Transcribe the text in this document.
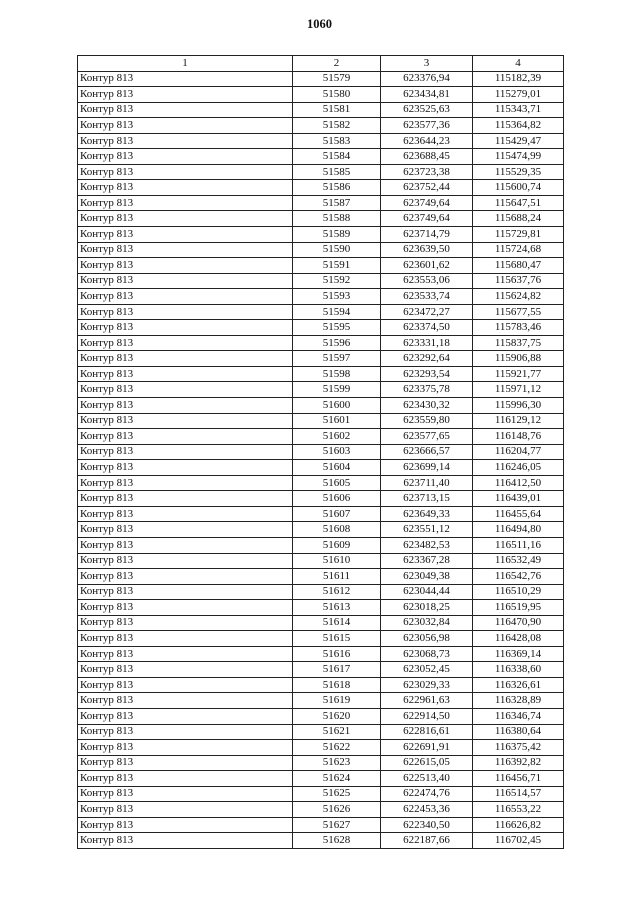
1060
1	2	3	4
Контур 813	51579	623376,94	115182,39
Контур 813	51580	623434,81	115279,01
Контур 813	51581	623525,63	115343,71
Контур 813	51582	623577,36	115364,82
Контур 813	51583	623644,23	115429,47
Контур 813	51584	623688,45	115474,99
Контур 813	51585	623723,38	115529,35
Контур 813	51586	623752,44	115600,74
Контур 813	51587	623749,64	115647,51
Контур 813	51588	623749,64	115688,24
Контур 813	51589	623714,79	115729,81
Контур 813	51590	623639,50	115724,68
Контур 813	51591	623601,62	115680,47
Контур 813	51592	623553,06	115637,76
Контур 813	51593	623533,74	115624,82
Контур 813	51594	623472,27	115677,55
Контур 813	51595	623374,50	115783,46
Контур 813	51596	623331,18	115837,75
Контур 813	51597	623292,64	115906,88
Контур 813	51598	623293,54	115921,77
Контур 813	51599	623375,78	115971,12
Контур 813	51600	623430,32	115996,30
Контур 813	51601	623559,80	116129,12
Контур 813	51602	623577,65	116148,76
Контур 813	51603	623666,57	116204,77
Контур 813	51604	623699,14	116246,05
Контур 813	51605	623711,40	116412,50
Контур 813	51606	623713,15	116439,01
Контур 813	51607	623649,33	116455,64
Контур 813	51608	623551,12	116494,80
Контур 813	51609	623482,53	116511,16
Контур 813	51610	623367,28	116532,49
Контур 813	51611	623049,38	116542,76
Контур 813	51612	623044,44	116510,29
Контур 813	51613	623018,25	116519,95
Контур 813	51614	623032,84	116470,90
Контур 813	51615	623056,98	116428,08
Контур 813	51616	623068,73	116369,14
Контур 813	51617	623052,45	116338,60
Контур 813	51618	623029,33	116326,61
Контур 813	51619	622961,63	116328,89
Контур 813	51620	622914,50	116346,74
Контур 813	51621	622816,61	116380,64
Контур 813	51622	622691,91	116375,42
Контур 813	51623	622615,05	116392,82
Контур 813	51624	622513,40	116456,71
Контур 813	51625	622474,76	116514,57
Контур 813	51626	622453,36	116553,22
Контур 813	51627	622340,50	116626,82
Контур 813	51628	622187,66	116702,45
